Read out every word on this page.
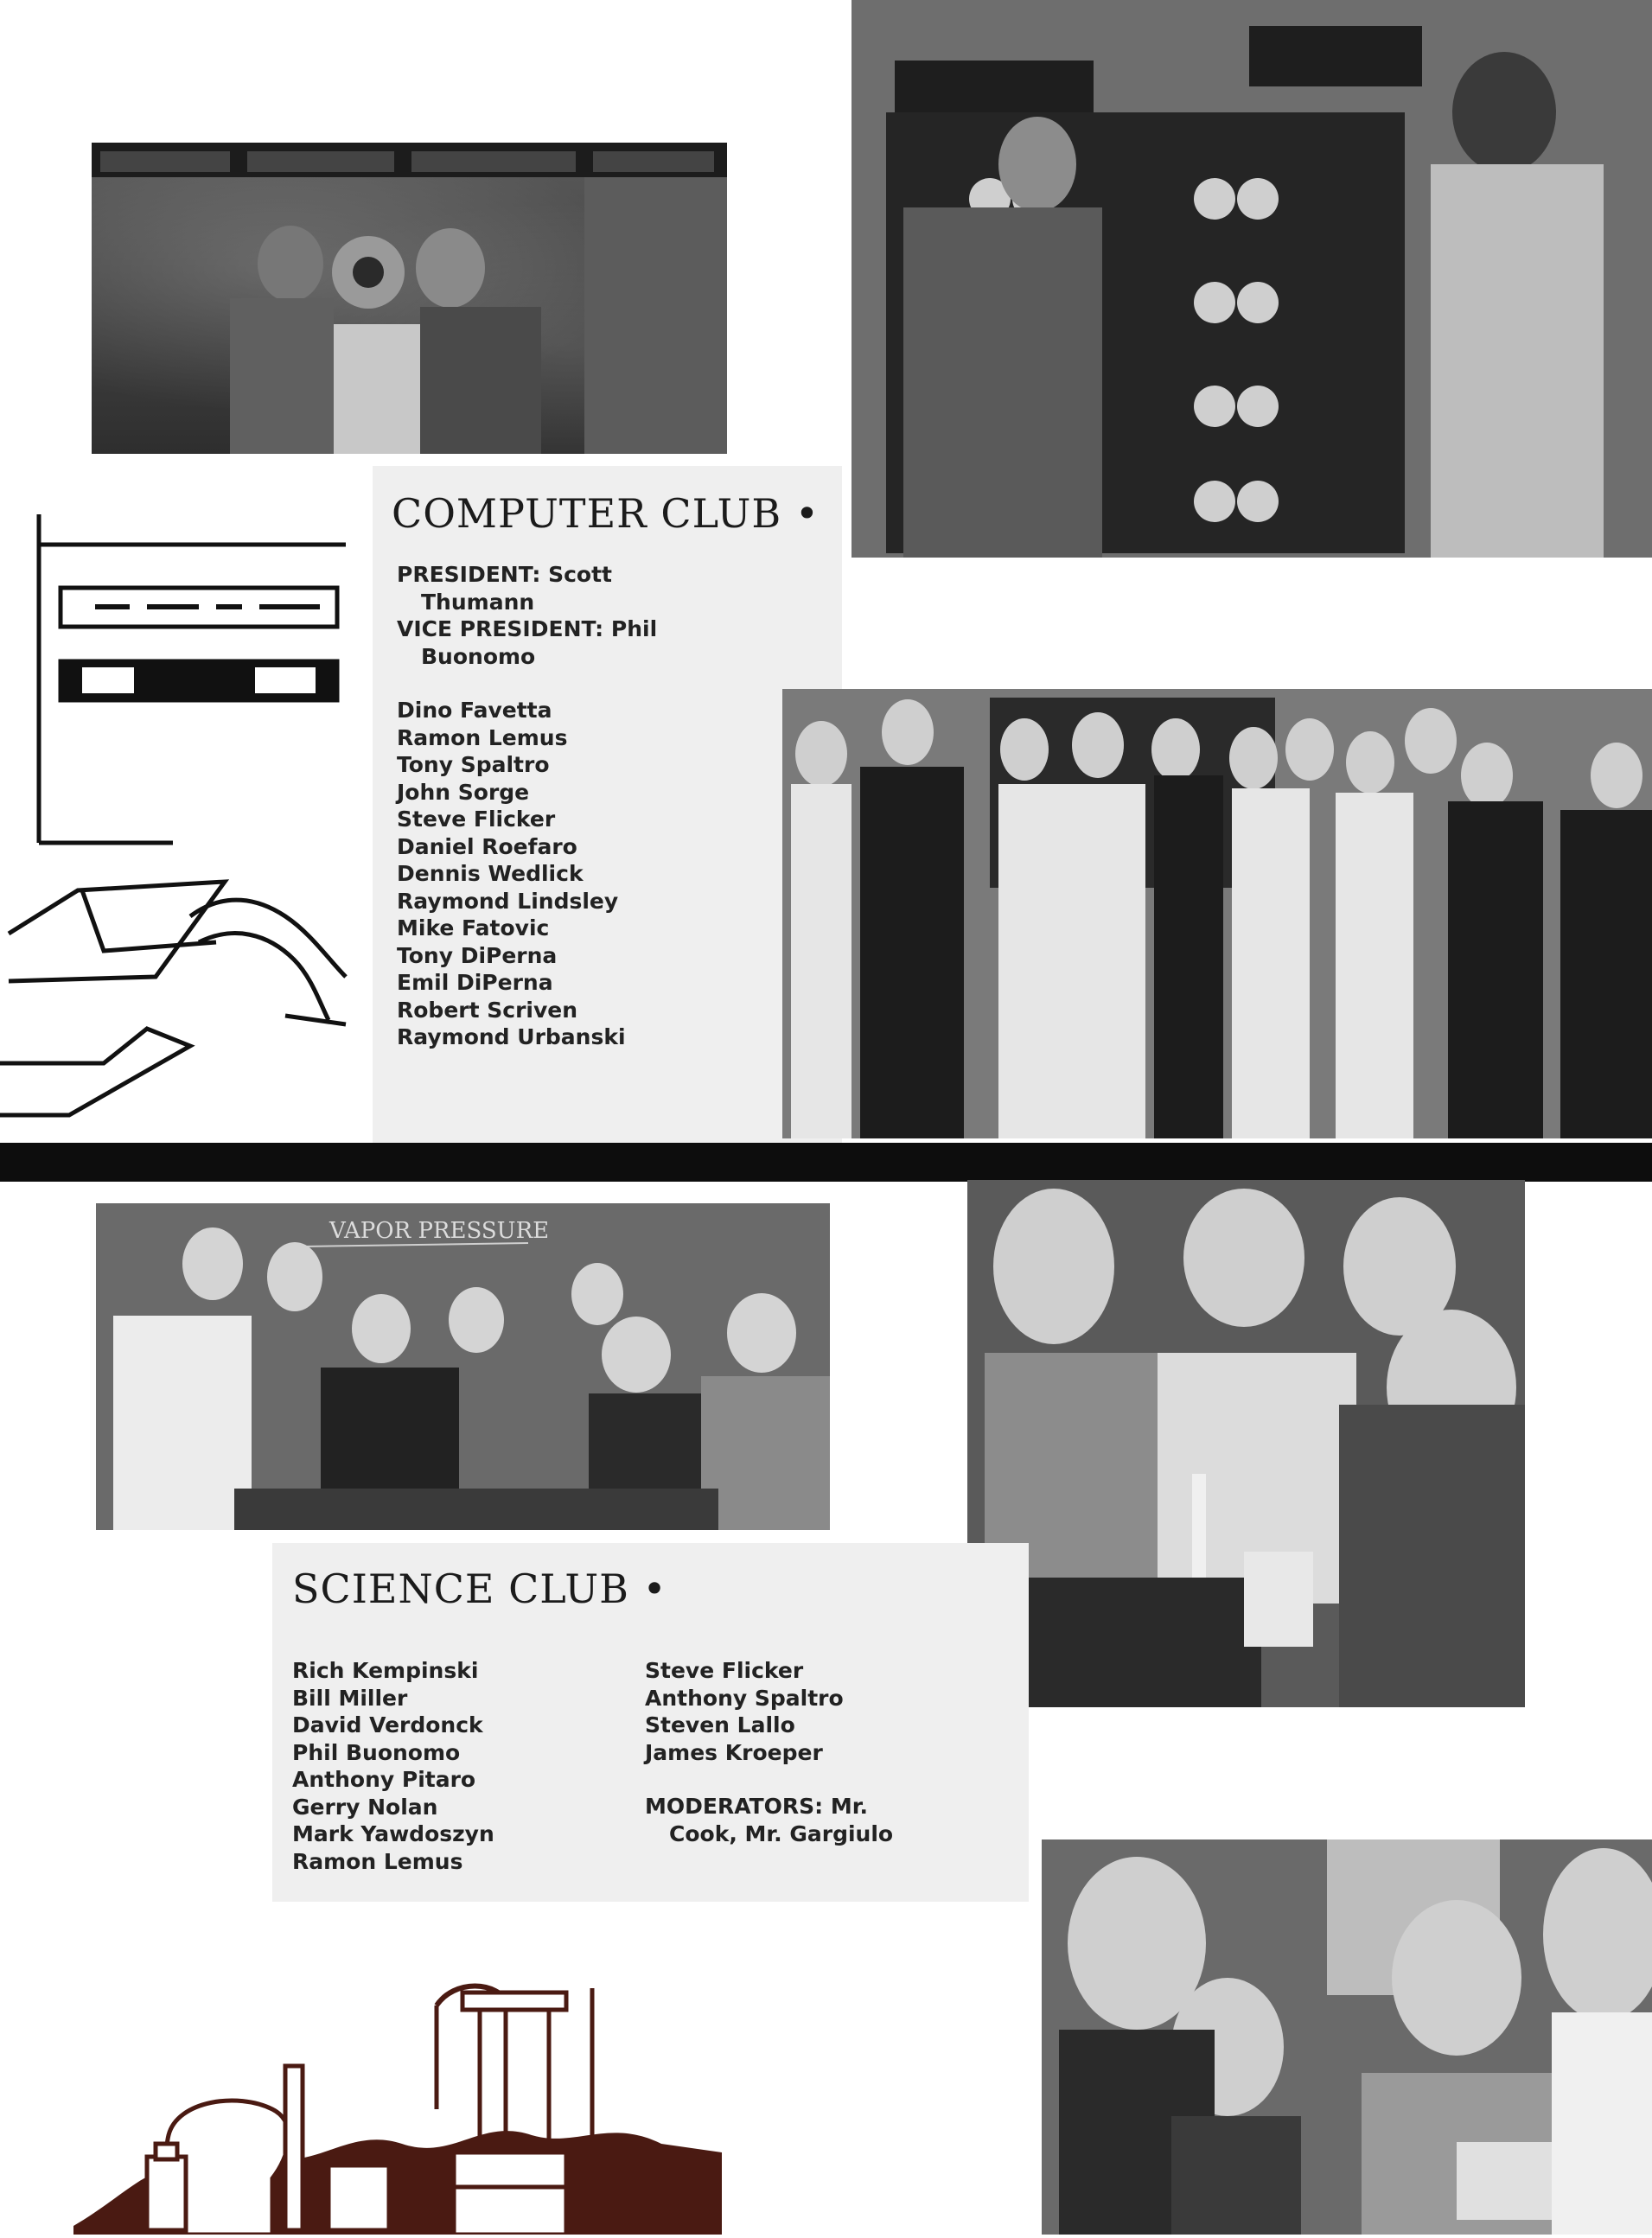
COMPUTER CLUB •
PRESIDENT: Scott
Thumann
VICE PRESIDENT: Phil
Buonomo
Dino Favetta
Ramon Lemus
Tony Spaltro
John Sorge
Steve Flicker
Daniel Roefaro
Dennis Wedlick
Raymond Lindsley
Mike Fatovic
Tony DiPerna
Emil DiPerna
Robert Scriven
Raymond Urbanski
VAPOR PRESSURE
SCIENCE CLUB •
Rich Kempinski
Bill Miller
David Verdonck
Phil Buonomo
Anthony Pitaro
Gerry Nolan
Mark Yawdoszyn
Ramon Lemus
Steve Flicker
Anthony Spaltro
Steven Lallo
James Kroeper
MODERATORS: Mr.
Cook, Mr. Gargiulo
